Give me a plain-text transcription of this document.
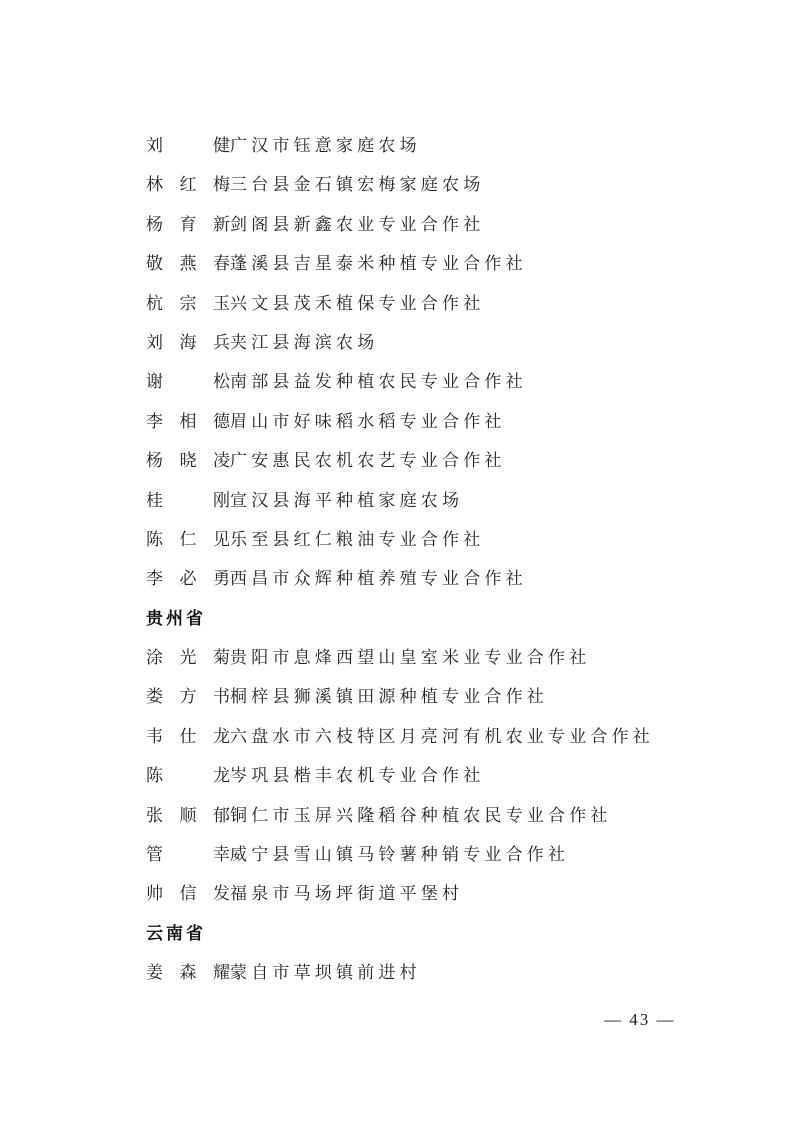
刘	健 广汉市钰意家庭农场
林 红 梅 三台县金石镇宏梅家庭农场
杨 育 新 剑阁县新鑫农业专业合作社
敬 燕 春 蓬溪县吉星泰米种植专业合作社
杭 宗 玉 兴文县茂禾植保专业合作社
刘 海 兵 夹江县海滨农场
谢	松 南部县益发种植农民专业合作社
李 相 德 眉山市好味稻水稻专业合作社
杨 晓 凌 广安惠民农机农艺专业合作社
桂	刚 宣汉县海平种植家庭农场
陈 仁 见 乐至县红仁粮油专业合作社
李 必 勇 西昌市众辉种植养殖专业合作社
贵州省
涂 光 菊 贵阳市息烽西望山皇室米业专业合作社
娄 方 书 桐梓县狮溪镇田源种植专业合作社
韦 仕 龙 六盘水市六枝特区月亮河有机农业专业合作社
陈	龙 岑巩县楷丰农机专业合作社
张 顺 郁 铜仁市玉屏兴隆稻谷种植农民专业合作社
管	幸 威宁县雪山镇马铃薯种销专业合作社
帅 信 发 福泉市马场坪街道平堡村
云南省
姜 森 耀 蒙自市草坝镇前进村
— 43 —
